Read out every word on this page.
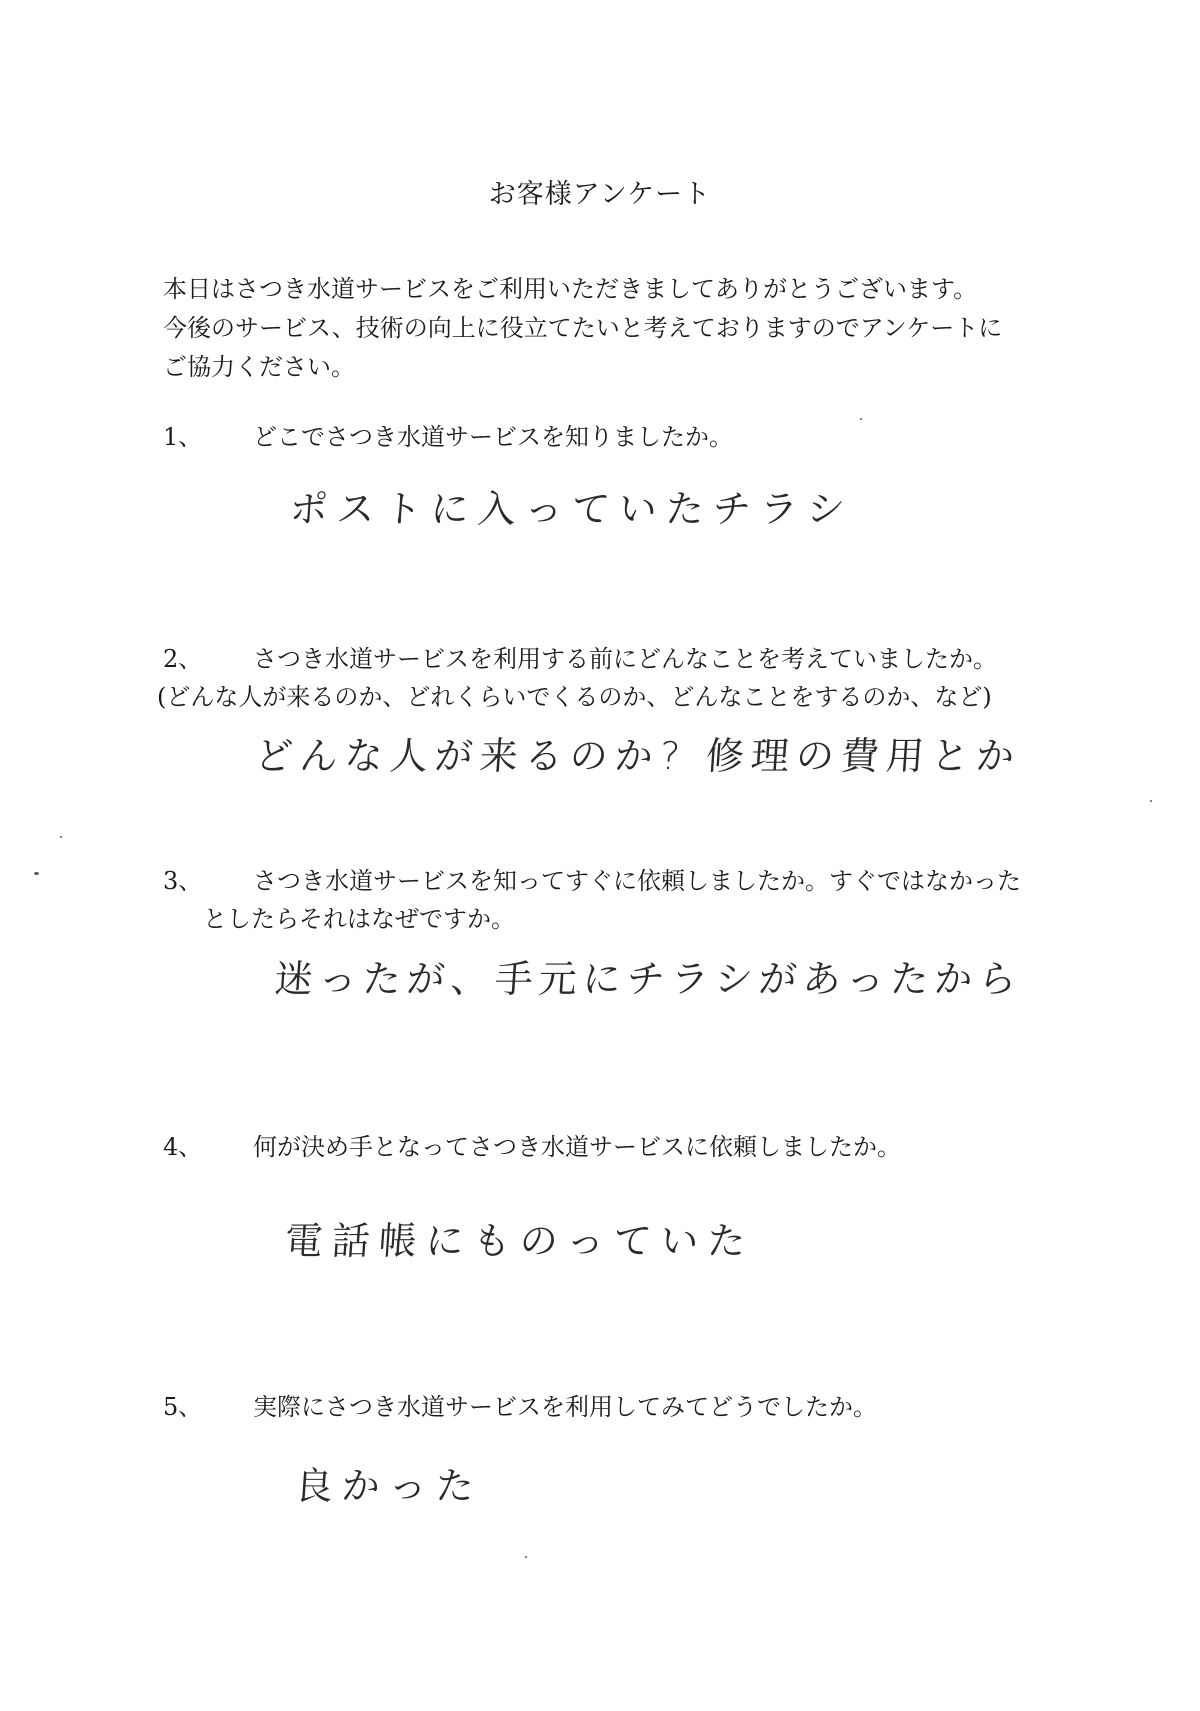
お客様アンケート
本日はさつき水道サービスをご利用いただきましてありがとうございます。
今後のサービス、技術の向上に役立てたいと考えておりますのでアンケートに
ご協力ください。
1、 どこでさつき水道サービスを知りましたか。
ポストに入っていたチラシ
2、 さつき水道サービスを利用する前にどんなことを考えていましたか。
(どんな人が来るのか、どれくらいでくるのか、どんなことをするのか、など)
どんな人が来るのか? 修理の費用とか
3、 さつき水道サービスを知ってすぐに依頼しましたか。すぐではなかった
としたらそれはなぜですか。
迷ったが、手元にチラシがあったから
4、 何が決め手となってさつき水道サービスに依頼しましたか。
電話帳にものっていた
5、 実際にさつき水道サービスを利用してみてどうでしたか。
良かった
